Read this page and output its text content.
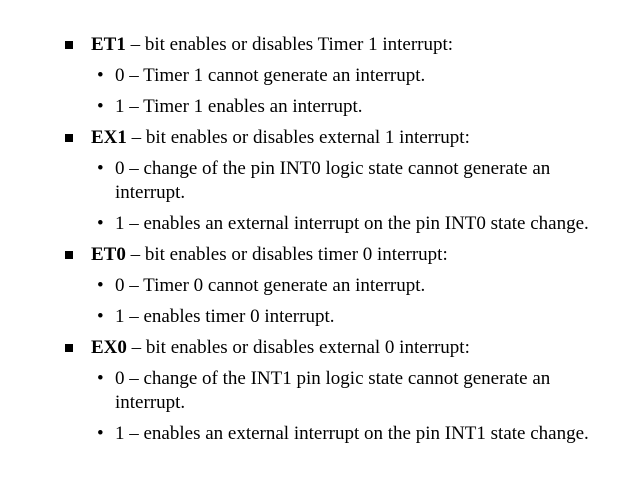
ET1 – bit enables or disables Timer 1 interrupt:
• 0 – Timer 1 cannot generate an interrupt.
• 1 – Timer 1 enables an interrupt.
EX1 – bit enables or disables external 1 interrupt:
• 0 – change of the pin INT0 logic state cannot generate an interrupt.
• 1 – enables an external interrupt on the pin INT0 state change.
ET0 – bit enables or disables timer 0 interrupt:
• 0 – Timer 0 cannot generate an interrupt.
• 1 – enables timer 0 interrupt.
EX0 – bit enables or disables external 0 interrupt:
• 0 – change of the INT1 pin logic state cannot generate an interrupt.
• 1 – enables an external interrupt on the pin INT1 state change.
